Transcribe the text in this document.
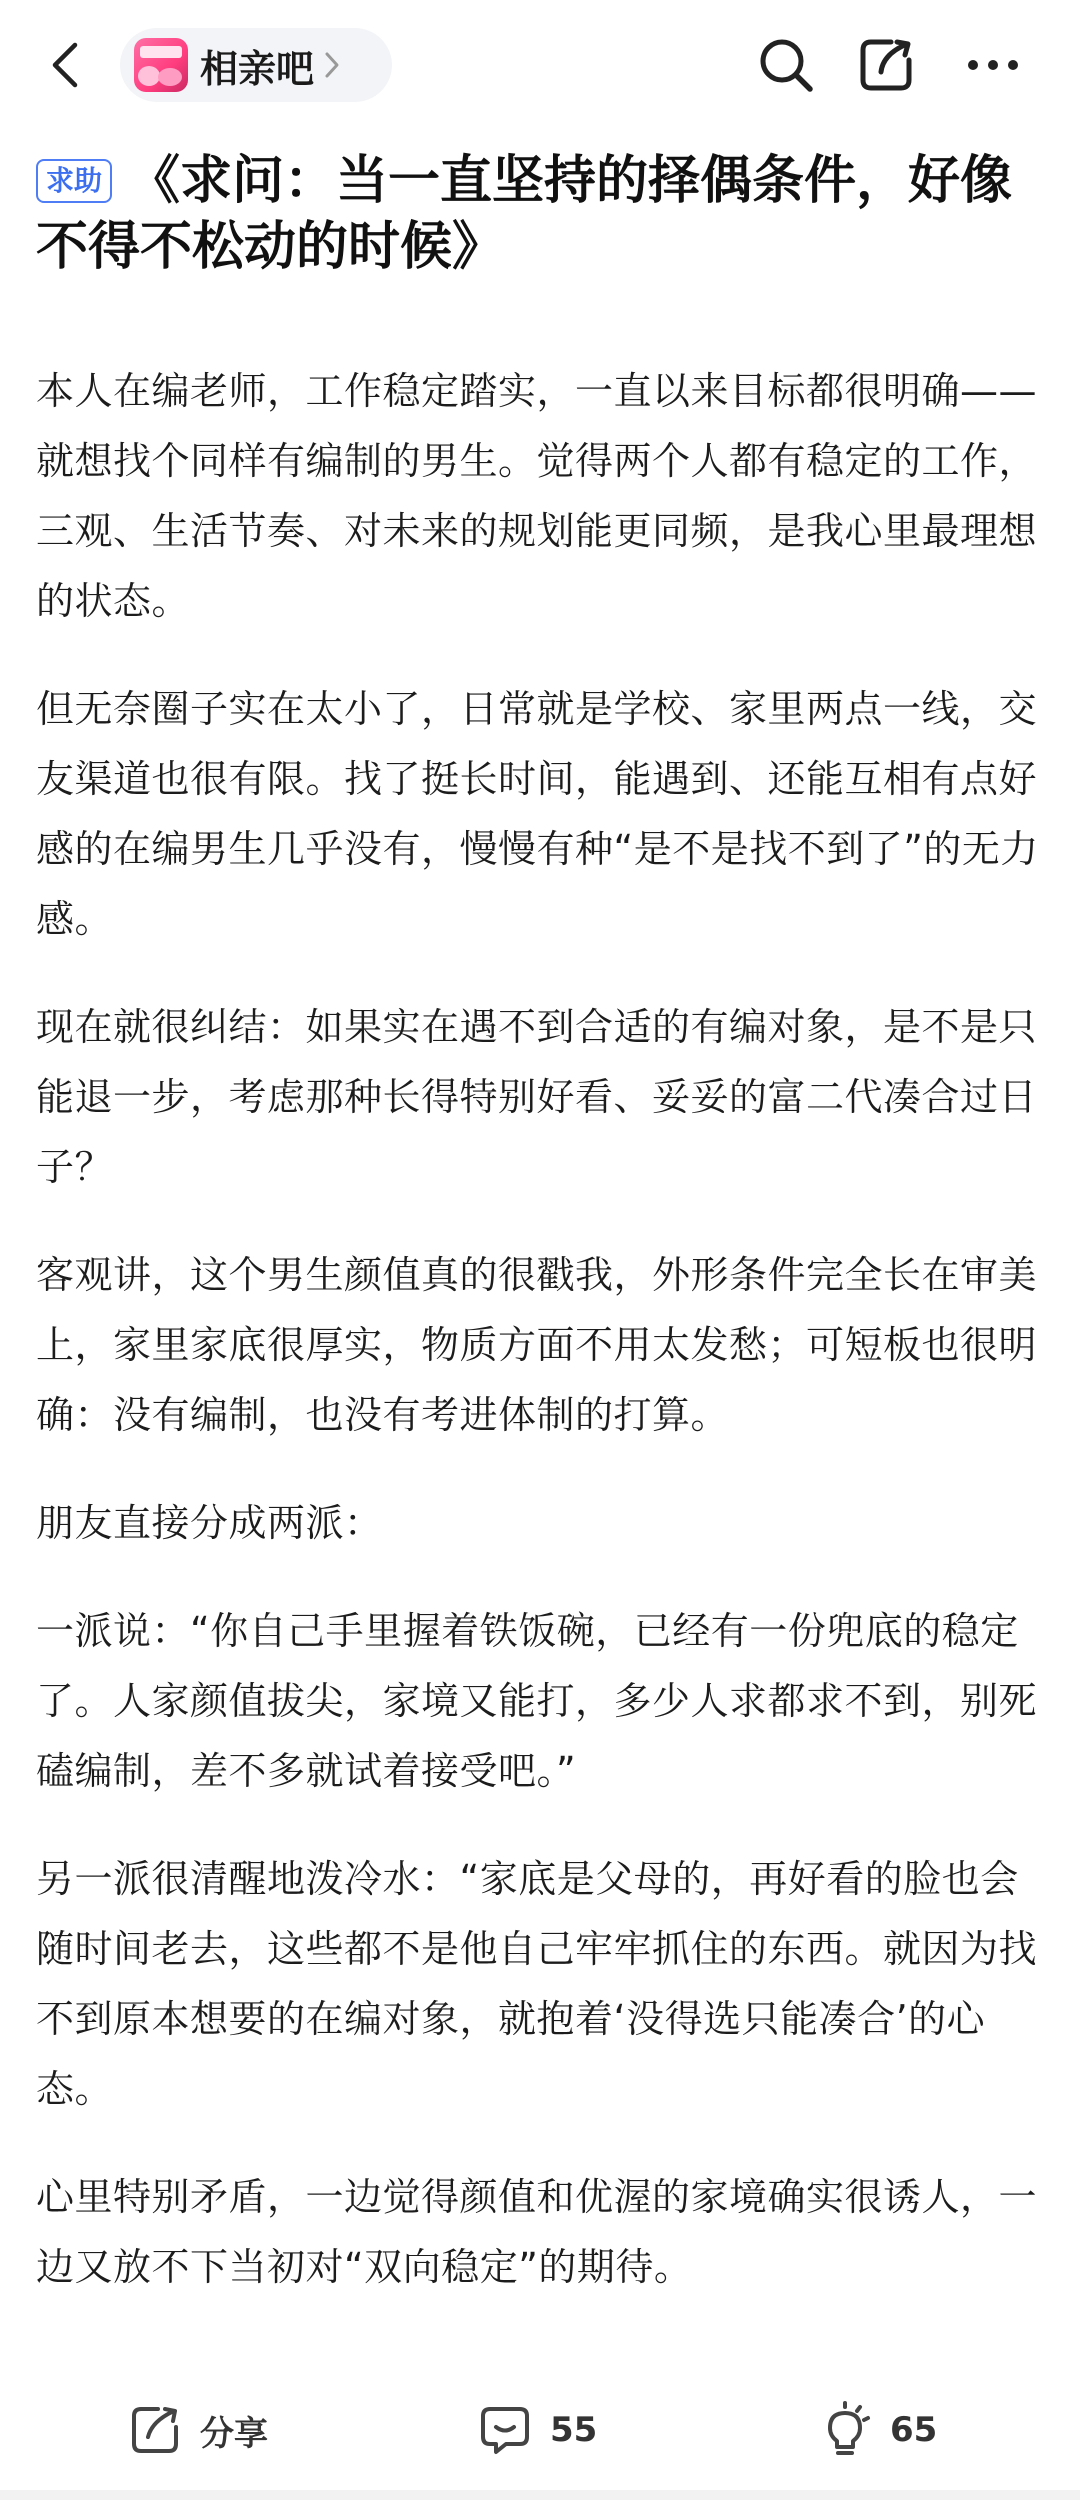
相亲吧
求助 《求问：当一直坚持的择偶条件，好像不得不松动的时候》

本人在编老师，工作稳定踏实，一直以来目标都很明确——就想找个同样有编制的男生。觉得两个人都有稳定的工作，三观、生活节奏、对未来的规划能更同频，是我心里最理想的状态。

但无奈圈子实在太小了，日常就是学校、家里两点一线，交友渠道也很有限。找了挺长时间，能遇到、还能互相有点好感的在编男生几乎没有，慢慢有种“是不是找不到了”的无力感。

现在就很纠结：如果实在遇不到合适的有编对象，是不是只能退一步，考虑那种长得特别好看、妥妥的富二代凑合过日子？

客观讲，这个男生颜值真的很戳我，外形条件完全长在审美上，家里家底很厚实，物质方面不用太发愁；可短板也很明确：没有编制，也没有考进体制的打算。

朋友直接分成两派：

一派说：“你自己手里握着铁饭碗，已经有一份兜底的稳定了。人家颜值拔尖，家境又能打，多少人求都求不到，别死磕编制，差不多就试着接受吧。”

另一派很清醒地泼冷水：“家底是父母的，再好看的脸也会随时间老去，这些都不是他自己牢牢抓住的东西。就因为找不到原本想要的在编对象，就抱着‘没得选只能凑合’的心态。

心里特别矛盾，一边觉得颜值和优渥的家境确实很诱人，一边又放不下当初对“双向稳定”的期待。

分享	55	65
